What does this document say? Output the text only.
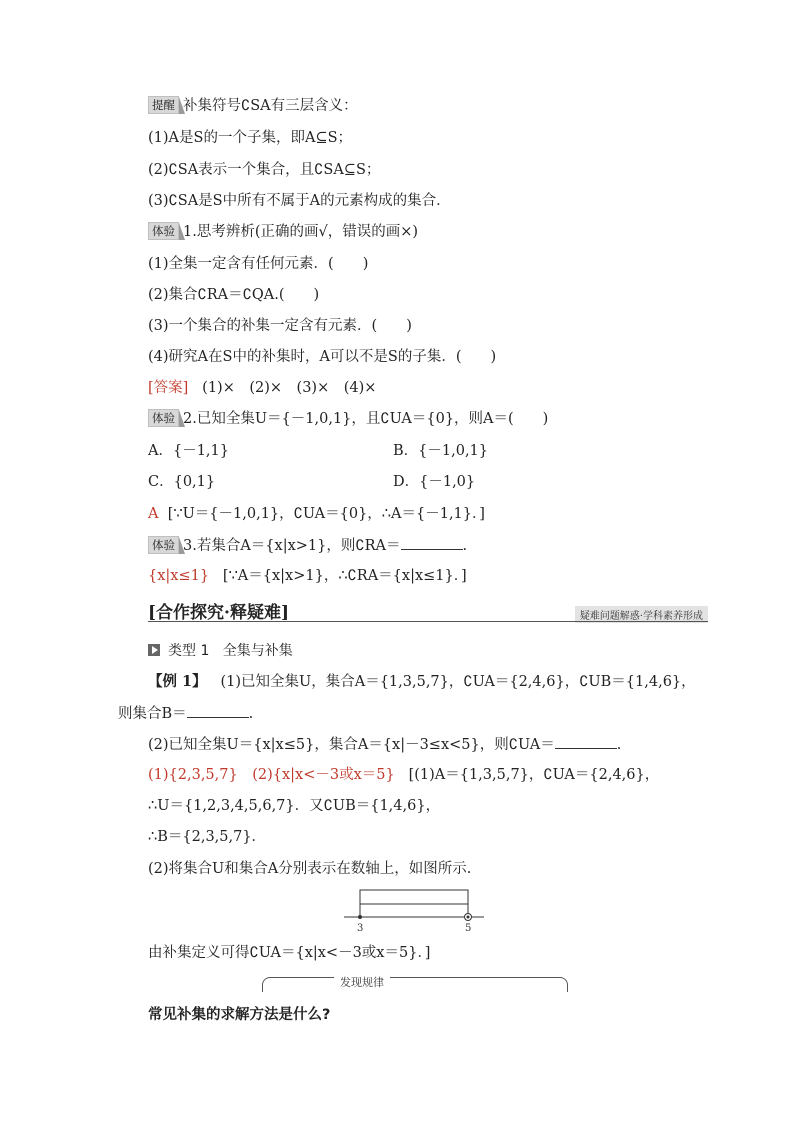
提醒 补集符号∁SA有三层含义：
(1)A是S的一个子集，即A⊆S；
(2)∁SA表示一个集合，且∁SA⊆S；
(3)∁SA是S中所有不属于A的元素构成的集合．
体验 1.思考辨析(正确的画√，错误的画×)
(1)全集一定含有任何元素．(　　)
(2)集合∁RA＝∁QA.(　　)
(3)一个集合的补集一定含有元素．(　　)
(4)研究A在S中的补集时，A可以不是S的子集．(　　)
[答案] (1)×　(2)×　(3)×　(4)×
体验 2.已知全集U＝{－1,0,1}，且∁UA＝{0}，则A＝(　　)
A．{－1,1}	B．{－1,0,1}
C．{0,1}	D．{－1,0}
A [∵U＝{－1,0,1}，∁UA＝{0}，∴A＝{－1,1}．]
体验 3.若集合A＝{x|x>1}，则∁RA＝	.
{x|x≤1} [∵A＝{x|x>1}，∴∁RA＝{x|x≤1}．]
[合作探究·释疑难]	疑难问题解惑·学科素养形成
类型 1 全集与补集
【例 1】 (1)已知全集U，集合A＝{1,3,5,7}，∁UA＝{2,4,6}，∁UB＝{1,4,6}，
则集合B＝	.
(2)已知全集U＝{x|x≤5}，集合A＝{x|－3≤x<5}，则∁UA＝	.
(1){2,3,5,7}　(2){x|x<－3或x＝5} [(1)A＝{1,3,5,7}，∁UA＝{2,4,6}，
∴U＝{1,2,3,4,5,6,7}．又∁UB＝{1,4,6}，
∴B＝{2,3,5,7}．
(2)将集合U和集合A分别表示在数轴上，如图所示.
3	5
由补集定义可得∁UA＝{x|x<－3或x＝5}．]
发现规律
常见补集的求解方法是什么?
